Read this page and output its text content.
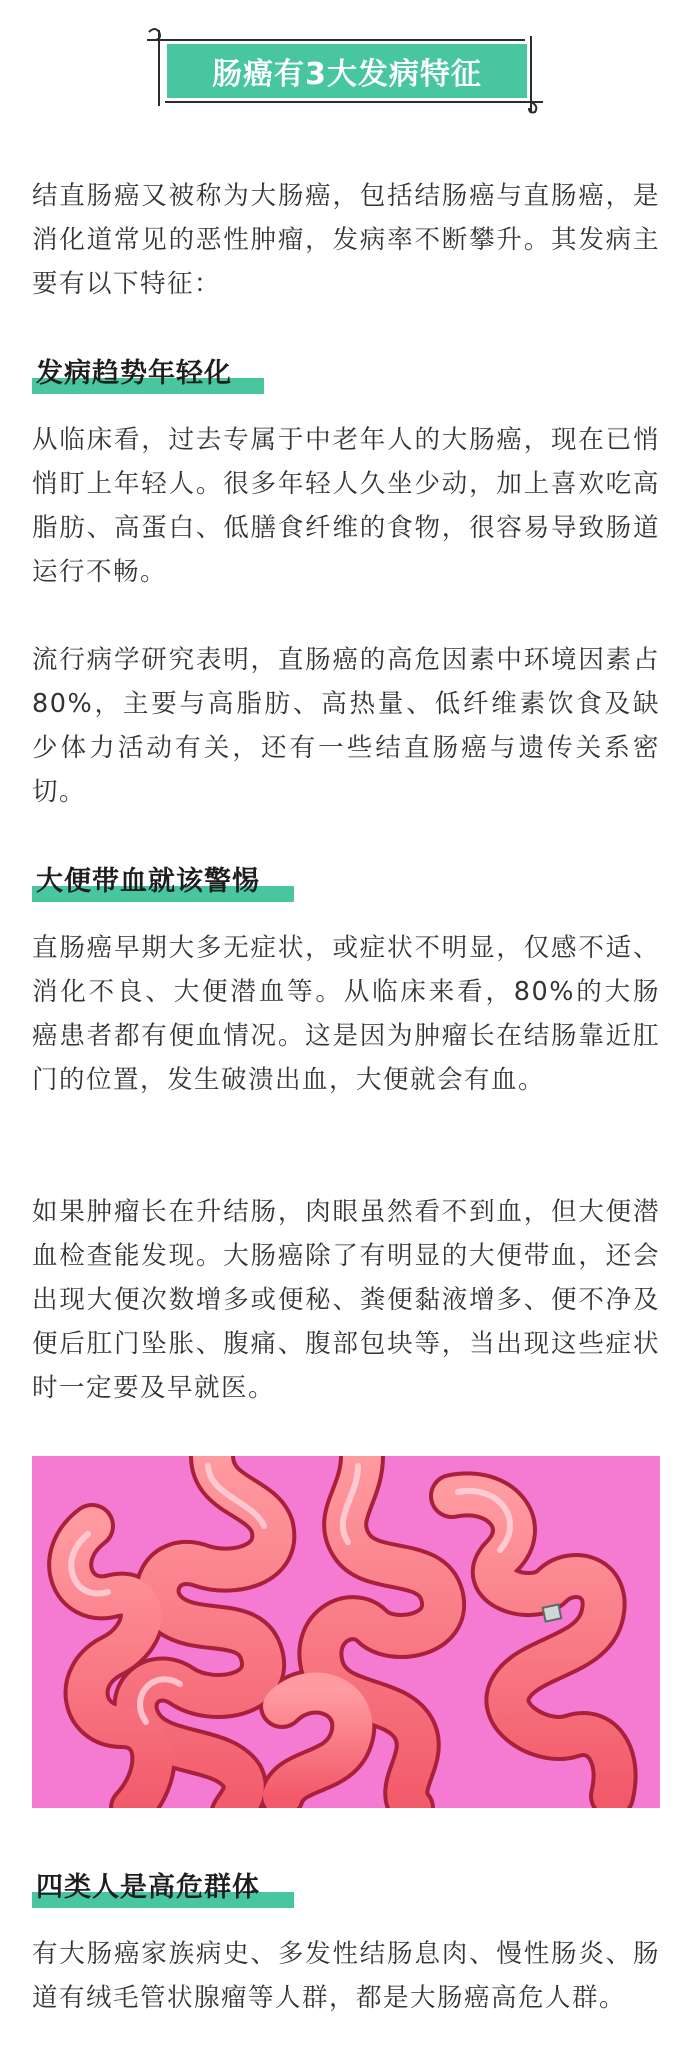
肠癌有3大发病特征

结直肠癌又被称为大肠癌，包括结肠癌与直肠癌，是消化道常见的恶性肿瘤，发病率不断攀升。其发病主要有以下特征：

发病趋势年轻化

从临床看，过去专属于中老年人的大肠癌，现在已悄悄盯上年轻人。很多年轻人久坐少动，加上喜欢吃高脂肪、高蛋白、低膳食纤维的食物，很容易导致肠道运行不畅。

流行病学研究表明，直肠癌的高危因素中环境因素占80%，主要与高脂肪、高热量、低纤维素饮食及缺少体力活动有关，还有一些结直肠癌与遗传关系密切。

大便带血就该警惕

直肠癌早期大多无症状，或症状不明显，仅感不适、消化不良、大便潜血等。从临床来看，80%的大肠癌患者都有便血情况。这是因为肿瘤长在结肠靠近肛门的位置，发生破溃出血，大便就会有血。

如果肿瘤长在升结肠，肉眼虽然看不到血，但大便潜血检查能发现。大肠癌除了有明显的大便带血，还会出现大便次数增多或便秘、粪便黏液增多、便不净及便后肛门坠胀、腹痛、腹部包块等，当出现这些症状时一定要及早就医。

四类人是高危群体

有大肠癌家族病史、多发性结肠息肉、慢性肠炎、肠道有绒毛管状腺瘤等人群，都是大肠癌高危人群。
